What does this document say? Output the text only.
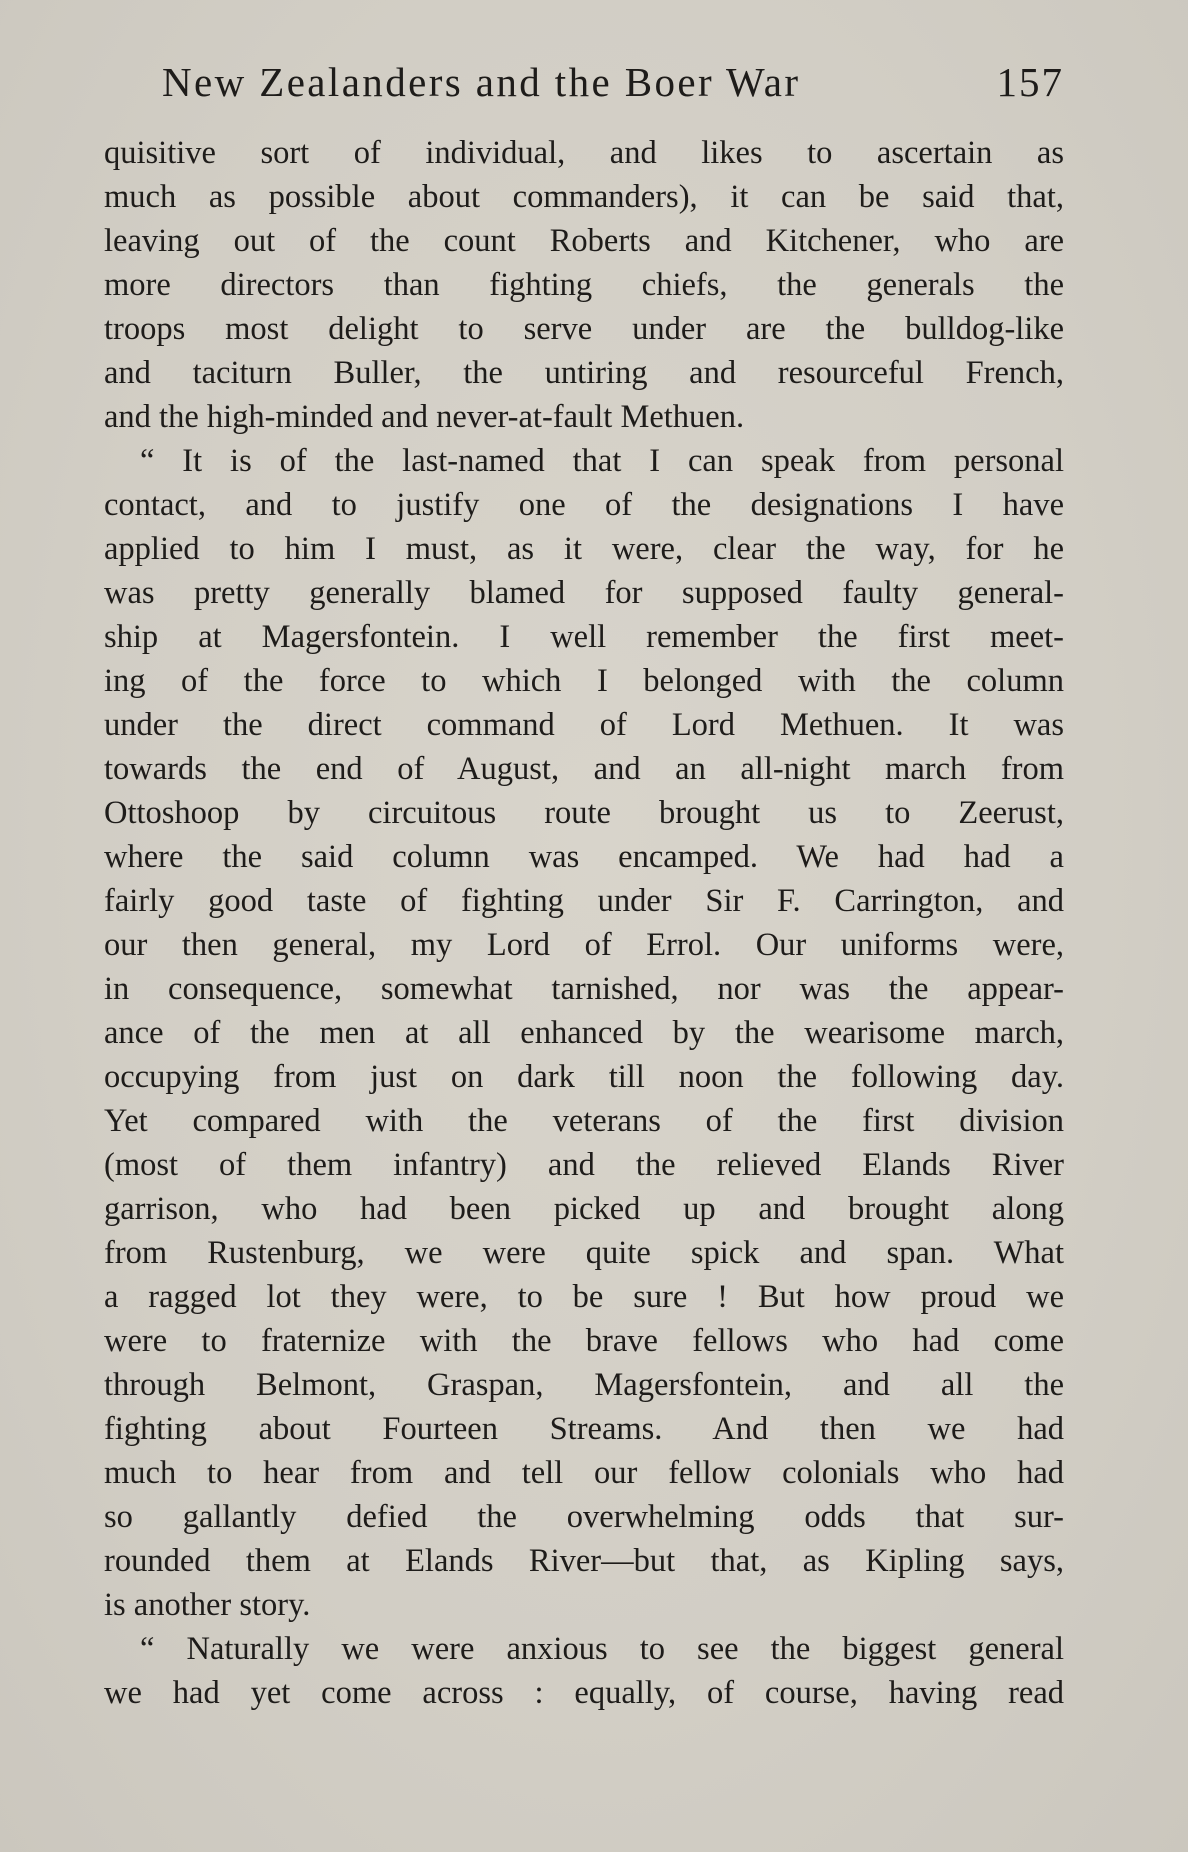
New Zealanders and the Boer War	157
quisitive sort of individual, and likes to ascertain as
much as possible about commanders), it can be said that,
leaving out of the count Roberts and Kitchener, who are
more directors than fighting chiefs, the generals the
troops most delight to serve under are the bulldog-like
and taciturn Buller, the untiring and resourceful French,
and the high-minded and never-at-fault Methuen.
“ It is of the last-named that I can speak from personal
contact, and to justify one of the designations I have
applied to him I must, as it were, clear the way, for he
was pretty generally blamed for supposed faulty general-
ship at Magersfontein. I well remember the first meet-
ing of the force to which I belonged with the column
under the direct command of Lord Methuen. It was
towards the end of August, and an all-night march from
Ottoshoop by circuitous route brought us to Zeerust,
where the said column was encamped. We had had a
fairly good taste of fighting under Sir F. Carrington, and
our then general, my Lord of Errol. Our uniforms were,
in consequence, somewhat tarnished, nor was the appear-
ance of the men at all enhanced by the wearisome march,
occupying from just on dark till noon the following day.
Yet compared with the veterans of the first division
(most of them infantry) and the relieved Elands River
garrison, who had been picked up and brought along
from Rustenburg, we were quite spick and span. What
a ragged lot they were, to be sure ! But how proud we
were to fraternize with the brave fellows who had come
through Belmont, Graspan, Magersfontein, and all the
fighting about Fourteen Streams. And then we had
much to hear from and tell our fellow colonials who had
so gallantly defied the overwhelming odds that sur-
rounded them at Elands River—but that, as Kipling says,
is another story.
“ Naturally we were anxious to see the biggest general
we had yet come across : equally, of course, having read
